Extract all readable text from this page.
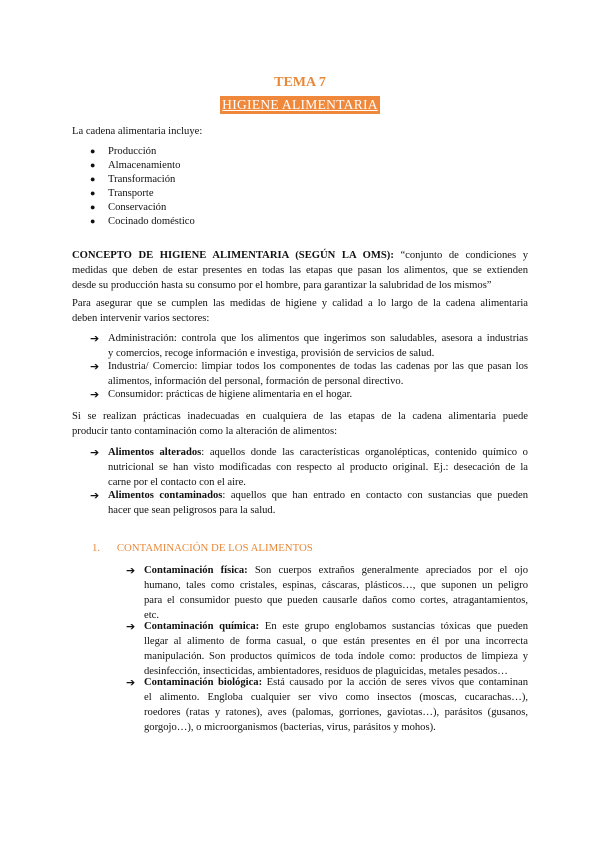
TEMA 7
HIGIENE ALIMENTARIA
La cadena alimentaria incluye:
● Producción
● Almacenamiento
● Transformación
● Transporte
● Conservación
● Cocinado doméstico
CONCEPTO DE HIGIENE ALIMENTARIA (SEGÚN LA OMS): “conjunto de condiciones y
medidas que deben de estar presentes en todas las etapas que pasan los alimentos, que se extienden
desde su producción hasta su consumo por el hombre, para garantizar la salubridad de los mismos”
Para asegurar que se cumplen las medidas de higiene y calidad a lo largo de la cadena alimentaria
deben intervenir varios sectores:
➔ Administración: controla que los alimentos que ingerimos son saludables, asesora a industrias
y comercios, recoge información e investiga, provisión de servicios de salud.
➔ Industria/ Comercio: limpiar todos los componentes de todas las cadenas por las que pasan los
alimentos, información del personal, formación de personal directivo.
➔ Consumidor: prácticas de higiene alimentaria en el hogar.
Si se realizan prácticas inadecuadas en cualquiera de las etapas de la cadena alimentaria puede
producir tanto contaminación como la alteración de alimentos:
➔ Alimentos alterados: aquellos donde las características organolépticas, contenido químico o
nutricional se han visto modificadas con respecto al producto original. Ej.: desecación de la
carne por el contacto con el aire.
➔ Alimentos contaminados: aquellos que han entrado en contacto con sustancias que pueden
hacer que sean peligrosos para la salud.
1. CONTAMINACIÓN DE LOS ALIMENTOS
➔ Contaminación física: Son cuerpos extraños generalmente apreciados por el ojo
humano, tales como cristales, espinas, cáscaras, plásticos…, que suponen un peligro
para el consumidor puesto que pueden causarle daños como cortes, atragantamientos,
etc.
➔ Contaminación química: En este grupo englobamos sustancias tóxicas que pueden
llegar al alimento de forma casual, o que están presentes en él por una incorrecta
manipulación. Son productos químicos de toda índole como: productos de limpieza y
desinfección, insecticidas, ambientadores, residuos de plaguicidas, metales pesados…
➔ Contaminación biológica: Está causado por la acción de seres vivos que contaminan
el alimento. Engloba cualquier ser vivo como insectos (moscas, cucarachas…),
roedores (ratas y ratones), aves (palomas, gorriones, gaviotas…), parásitos (gusanos,
gorgojo…), o microorganismos (bacterias, virus, parásitos y mohos).
